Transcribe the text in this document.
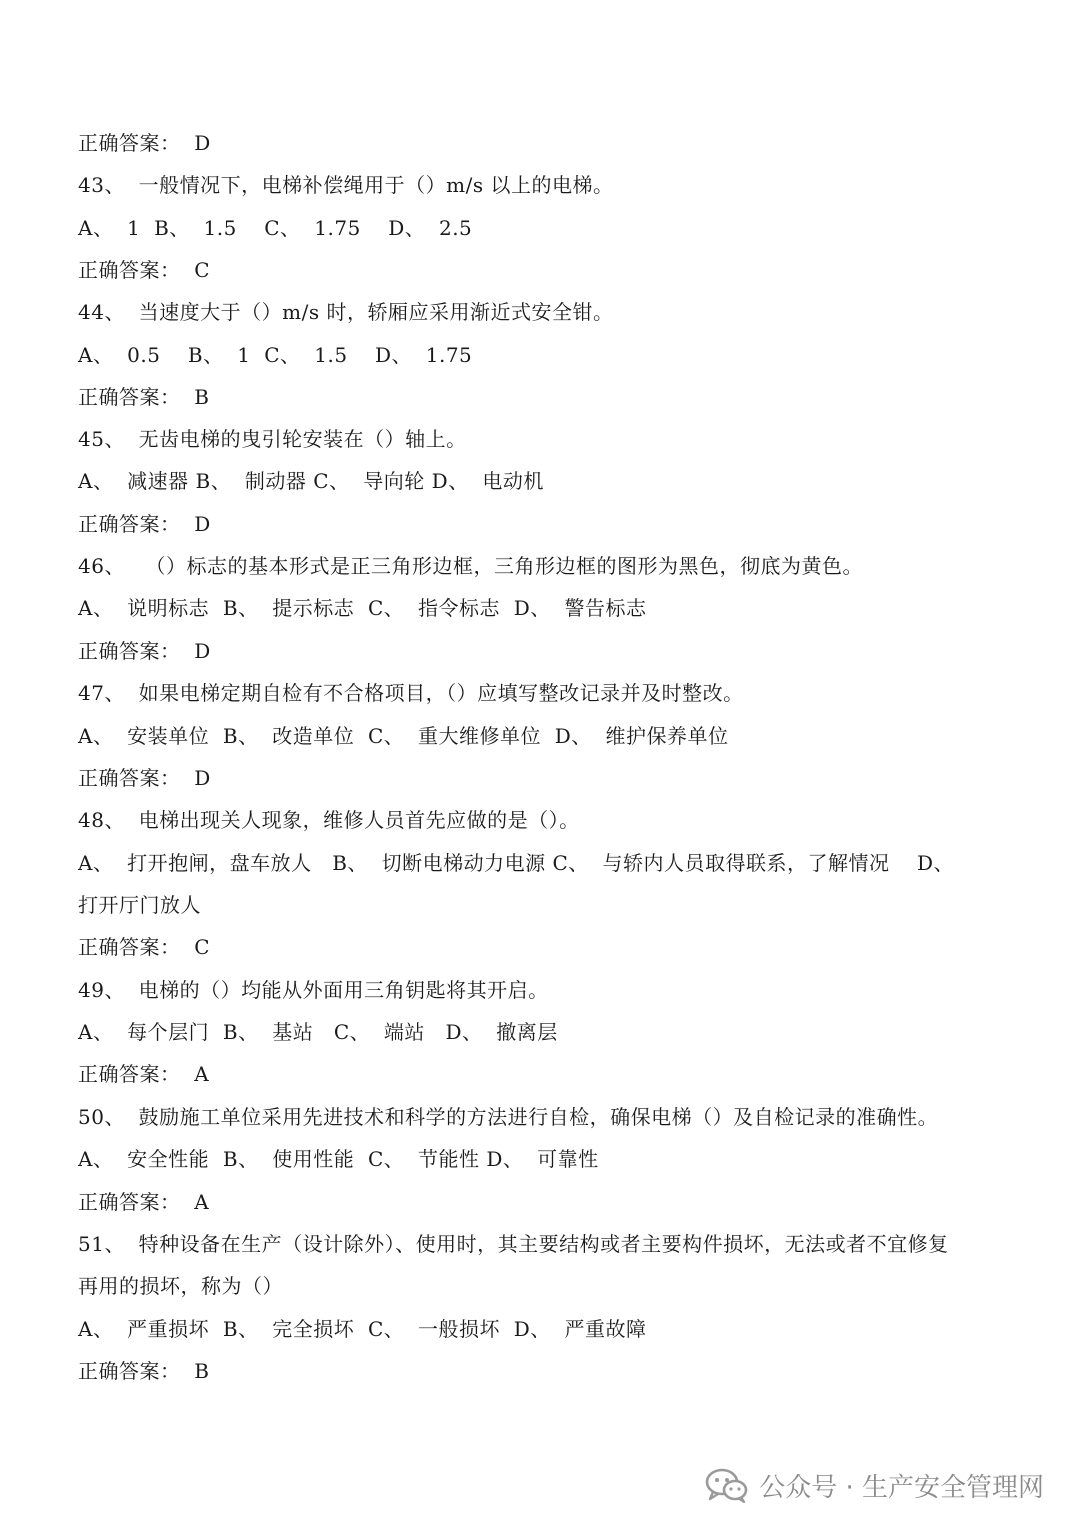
正确答案：  D
43、  一般情况下，电梯补偿绳用于（）m/s 以上的电梯。
A、  1  B、  1.5    C、  1.75    D、  2.5
正确答案：  C
44、  当速度大于（）m/s 时，轿厢应采用渐近式安全钳。
A、  0.5    B、  1  C、  1.5    D、  1.75
正确答案：  B
45、  无齿电梯的曳引轮安装在（）轴上。
A、  减速器 B、  制动器 C、  导向轮 D、  电动机
正确答案：  D
46、   （）标志的基本形式是正三角形边框，三角形边框的图形为黑色，彻底为黄色。
A、  说明标志  B、  提示标志  C、  指令标志  D、  警告标志
正确答案：  D
47、  如果电梯定期自检有不合格项目，（）应填写整改记录并及时整改。
A、  安装单位  B、  改造单位  C、  重大维修单位  D、  维护保养单位
正确答案：  D
48、  电梯出现关人现象，维修人员首先应做的是（）。
A、  打开抱闸，盘车放人   B、  切断电梯动力电源 C、  与轿内人员取得联系，了解情况    D、
打开厅门放人
正确答案：  C
49、  电梯的（）均能从外面用三角钥匙将其开启。
A、  每个层门  B、  基站   C、  端站   D、  撤离层
正确答案：  A
50、  鼓励施工单位采用先进技术和科学的方法进行自检，确保电梯（）及自检记录的准确性。
A、  安全性能  B、  使用性能  C、  节能性 D、  可靠性
正确答案：  A
51、  特种设备在生产（设计除外）、使用时，其主要结构或者主要构件损坏，无法或者不宜修复
再用的损坏，称为（）
A、  严重损坏  B、  完全损坏  C、  一般损坏  D、  严重故障
正确答案：  B
公众号 · 生产安全管理网
